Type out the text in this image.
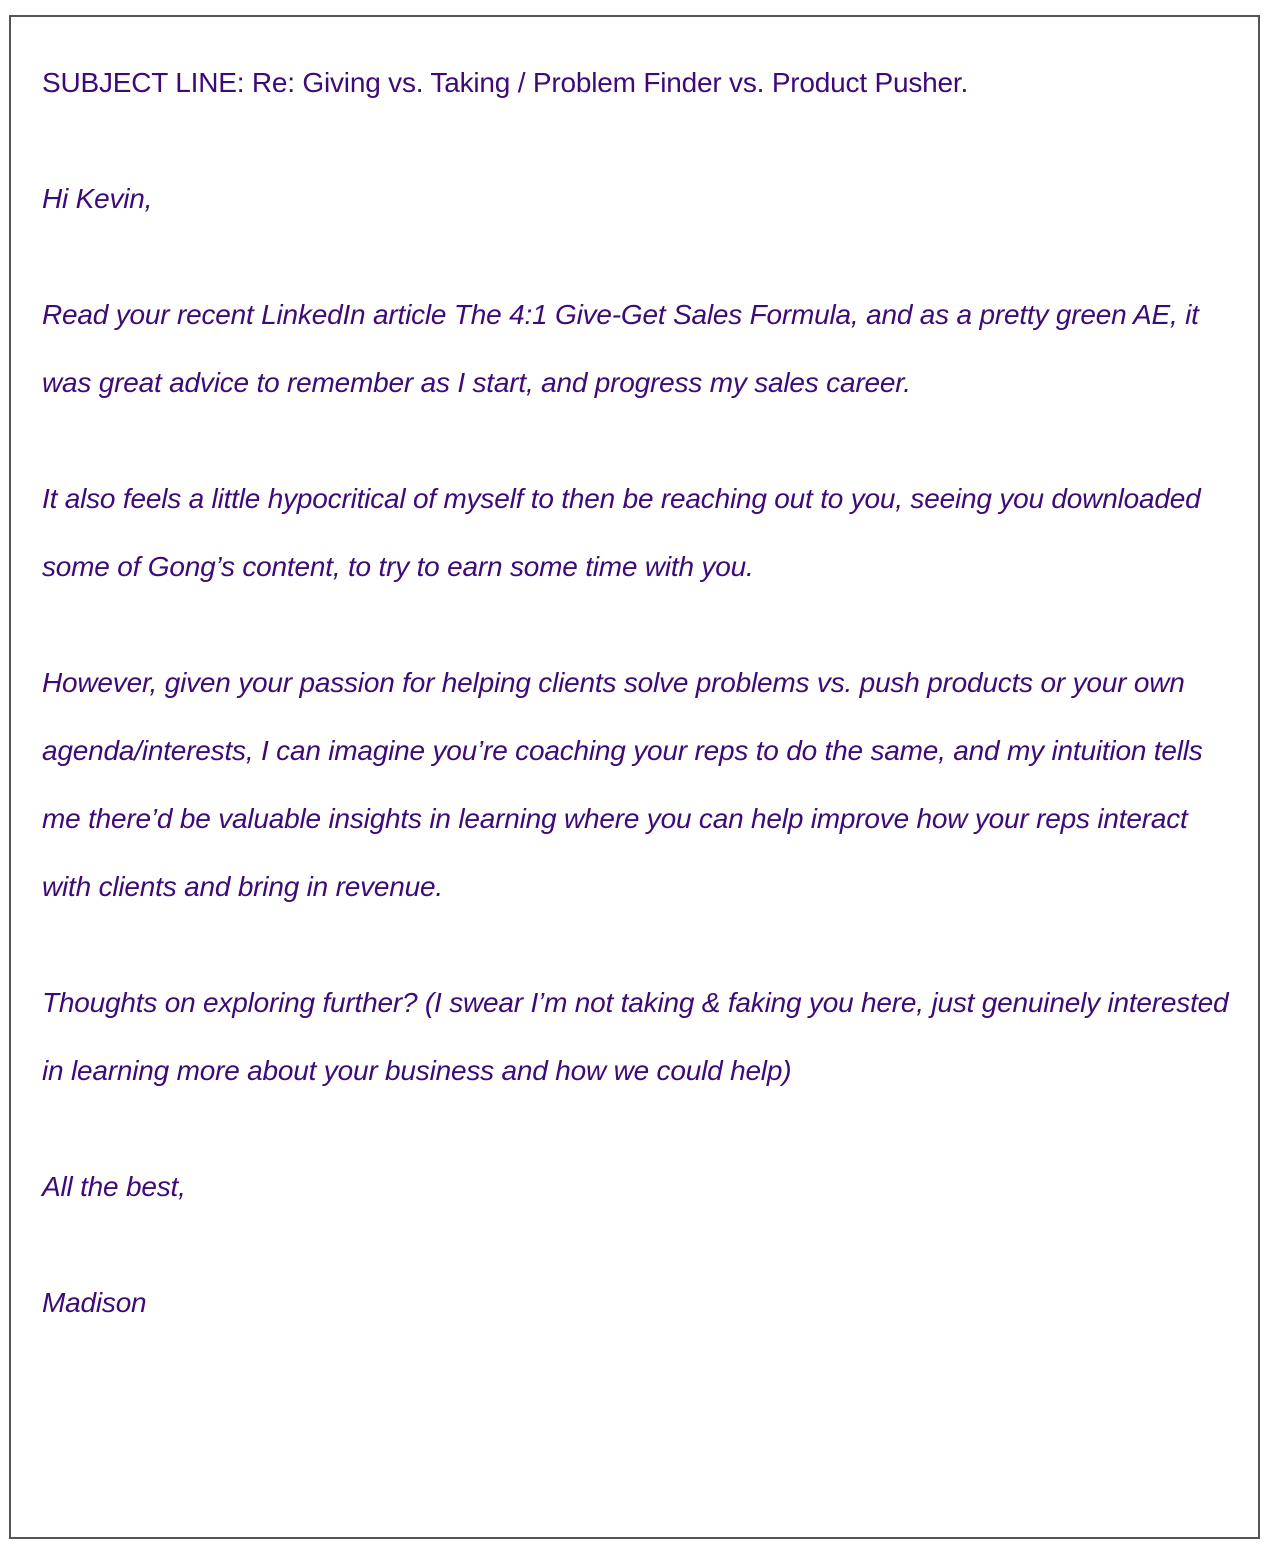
SUBJECT LINE: Re: Giving vs. Taking / Problem Finder vs. Product Pusher.

Hi Kevin,

Read your recent LinkedIn article The 4:1 Give-Get Sales Formula, and as a pretty green AE, it was great advice to remember as I start, and progress my sales career.

It also feels a little hypocritical of myself to then be reaching out to you, seeing you downloaded some of Gong’s content, to try to earn some time with you.

However, given your passion for helping clients solve problems vs. push products or your own agenda/interests, I can imagine you’re coaching your reps to do the same, and my intuition tells me there’d be valuable insights in learning where you can help improve how your reps interact with clients and bring in revenue.

Thoughts on exploring further? (I swear I’m not taking & faking you here, just genuinely interested in learning more about your business and how we could help)

All the best,

Madison
